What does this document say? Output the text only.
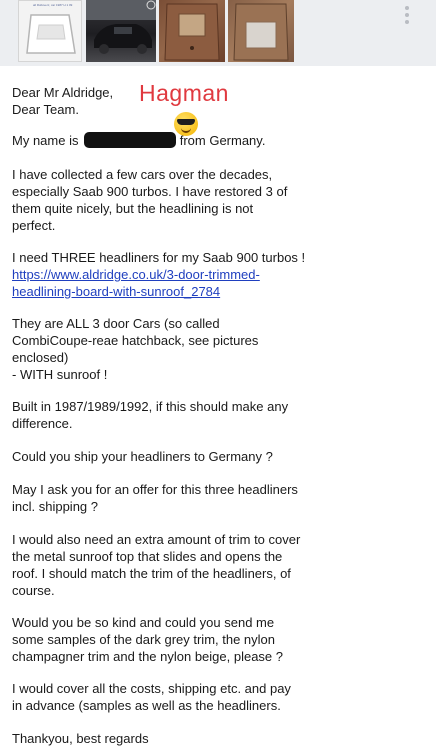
all Rolloverz, car 1987 H 1 09

Dear Mr Aldridge,
Dear Team.

Hagman

My name is	from Germany.

I have collected a few cars over the decades,
especially Saab 900 turbos. I have restored 3 of
them quite nicely, but the headlining is not
perfect.

I need THREE headliners for my Saab 900 turbos !
https://www.aldridge.co.uk/3-door-trimmed-
headlining-board-with-sunroof_2784

They are ALL 3 door Cars (so called
CombiCoupe-reae hatchback, see pictures
enclosed)
- WITH sunroof !

Built in 1987/1989/1992, if this should make any
difference.

Could you ship your headliners to Germany ?

May I ask you for an offer for this three headliners
incl. shipping ?

I would also need an extra amount of trim to cover
the metal sunroof top that slides and opens the
roof. I should match the trim of the headliners, of
course.

Would you be so kind and could you send me
some samples of the dark grey trim, the nylon
champagner trim and the nylon beige, please ?

I would cover all the costs, shipping etc. and pay
in advance (samples as well as the headliners.

Thankyou, best regards
